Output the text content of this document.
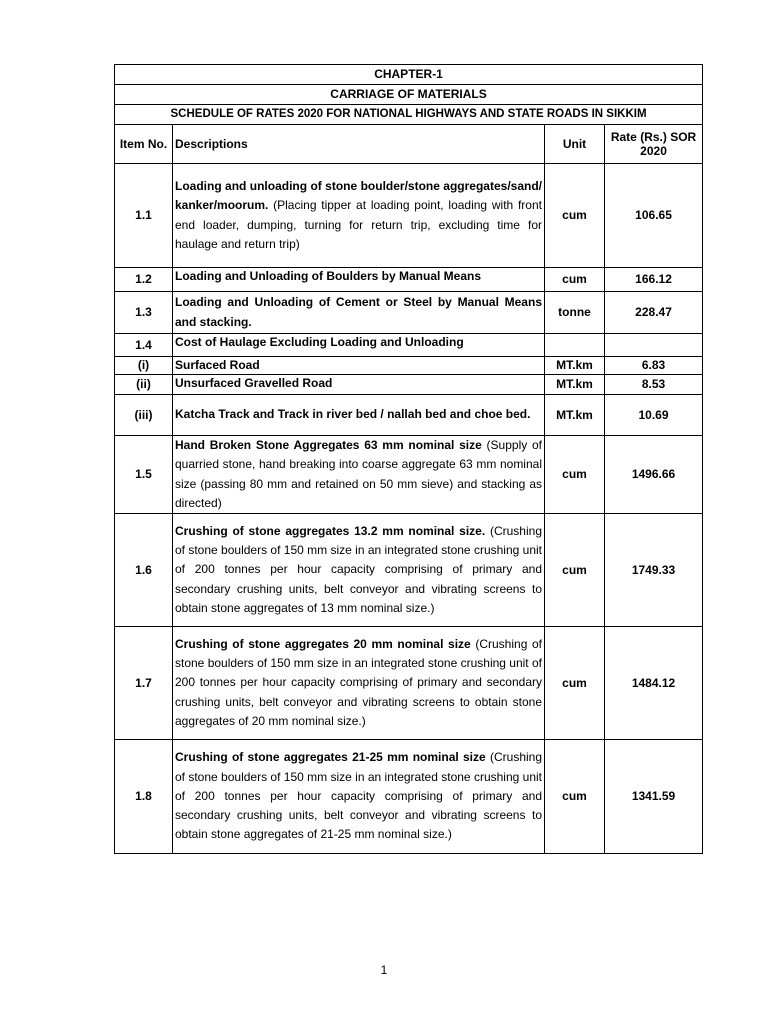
CHAPTER-1			
CARRIAGE OF MATERIALS			
SCHEDULE OF RATES 2020 FOR NATIONAL HIGHWAYS AND STATE ROADS IN SIKKIM			
Item No.	Descriptions	Unit	Rate (Rs.) SOR 2020
1.1	Loading and unloading of stone boulder/stone aggregates/sand/ kanker/moorum. (Placing tipper at loading point, loading with front end loader, dumping, turning for return trip, excluding time for haulage and return trip)	cum	106.65
1.2	Loading and Unloading of Boulders by Manual Means	cum	166.12
1.3	Loading and Unloading of Cement or Steel by Manual Means and stacking.	tonne	228.47
1.4	Cost of Haulage Excluding Loading and Unloading		
(i)	Surfaced Road	MT.km	6.83
(ii)	Unsurfaced Gravelled Road	MT.km	8.53
(iii)	Katcha Track and Track in river bed / nallah bed and choe bed.	MT.km	10.69
1.5	Hand Broken Stone Aggregates 63 mm nominal size (Supply of quarried stone, hand breaking into coarse aggregate 63 mm nominal size (passing 80 mm and retained on 50 mm sieve) and stacking as directed)	cum	1496.66
1.6	Crushing of stone aggregates 13.2 mm nominal size. (Crushing of stone boulders of 150 mm size in an integrated stone crushing unit of 200 tonnes per hour capacity comprising of primary and secondary crushing units, belt conveyor and vibrating screens to obtain stone aggregates of 13 mm nominal size.)	cum	1749.33
1.7	Crushing of stone aggregates 20 mm nominal size (Crushing of stone boulders of 150 mm size in an integrated stone crushing unit of 200 tonnes per hour capacity comprising of primary and secondary crushing units, belt conveyor and vibrating screens to obtain stone aggregates of 20 mm nominal size.)	cum	1484.12
1.8	Crushing of stone aggregates 21-25 mm nominal size (Crushing of stone boulders of 150 mm size in an integrated stone crushing unit of 200 tonnes per hour capacity comprising of primary and secondary crushing units, belt conveyor and vibrating screens to obtain stone aggregates of 21-25 mm nominal size.)	cum	1341.59
1
